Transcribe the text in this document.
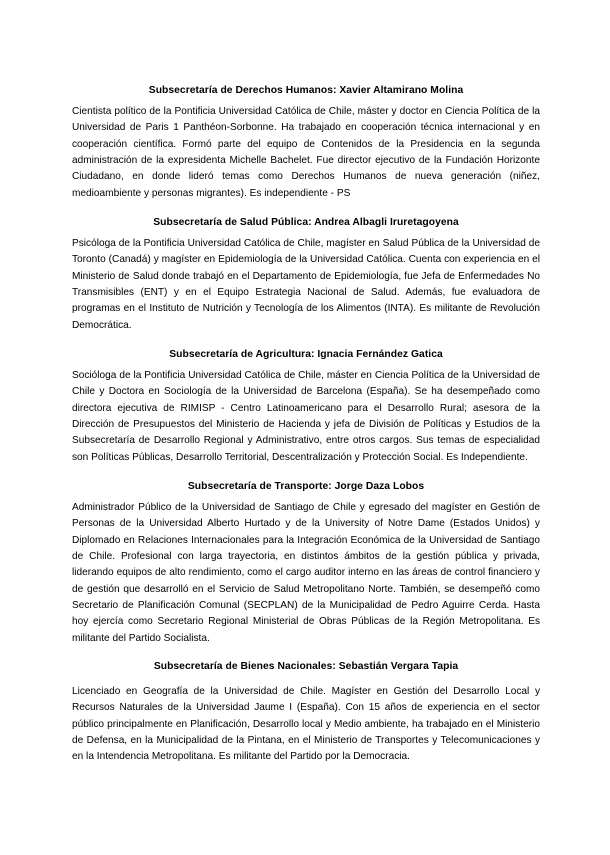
Subsecretaría de Derechos Humanos: Xavier Altamirano Molina

Cientista político de la Pontificia Universidad Católica de Chile, máster y doctor en Ciencia Política de la Universidad de Paris 1 Panthéon-Sorbonne. Ha trabajado en cooperación técnica internacional y en cooperación científica. Formó parte del equipo de Contenidos de la Presidencia en la segunda administración de la expresidenta Michelle Bachelet. Fue director ejecutivo de la Fundación Horizonte Ciudadano, en donde lideró temas como Derechos Humanos de nueva generación (niñez, medioambiente y personas migrantes). Es independiente - PS

Subsecretaría de Salud Pública: Andrea Albagli Iruretagoyena

Psicóloga de la Pontificia Universidad Católica de Chile, magíster en Salud Pública de la Universidad de Toronto (Canadá) y magíster en Epidemiología de la Universidad Católica. Cuenta con experiencia en el Ministerio de Salud donde trabajó en el Departamento de Epidemiología, fue Jefa de Enfermedades No Transmisibles (ENT) y en el Equipo Estrategia Nacional de Salud. Además, fue evaluadora de programas en el Instituto de Nutrición y Tecnología de los Alimentos (INTA). Es militante de Revolución Democrática.

Subsecretaría de Agricultura: Ignacia Fernández Gatica

Socióloga de la Pontificia Universidad Católica de Chile, máster en Ciencia Política de la Universidad de Chile y Doctora en Sociología de la Universidad de Barcelona (España). Se ha desempeñado como directora ejecutiva de RIMISP - Centro Latinoamericano para el Desarrollo Rural; asesora de la Dirección de Presupuestos del Ministerio de Hacienda y jefa de División de Políticas y Estudios de la Subsecretaría de Desarrollo Regional y Administrativo, entre otros cargos. Sus temas de especialidad son Políticas Públicas, Desarrollo Territorial, Descentralización y Protección Social. Es Independiente.

Subsecretaría de Transporte: Jorge Daza Lobos

Administrador Público de la Universidad de Santiago de Chile y egresado del magíster en Gestión de Personas de la Universidad Alberto Hurtado y de la University of Notre Dame (Estados Unidos) y Diplomado en Relaciones Internacionales para la Integración Económica de la Universidad de Santiago de Chile. Profesional con larga trayectoria, en distintos ámbitos de la gestión pública y privada, liderando equipos de alto rendimiento, como el cargo auditor interno en las áreas de control financiero y de gestión que desarrolló en el Servicio de Salud Metropolitano Norte. También, se desempeñó como Secretario de Planificación Comunal (SECPLAN) de la Municipalidad de Pedro Aguirre Cerda. Hasta hoy ejercía como Secretario Regional Ministerial de Obras Públicas de la Región Metropolitana. Es militante del Partido Socialista.

Subsecretaría de Bienes Nacionales: Sebastián Vergara Tapia

Licenciado en Geografía de la Universidad de Chile. Magíster en Gestión del Desarrollo Local y Recursos Naturales de la Universidad Jaume I (España). Con 15 años de experiencia en el sector público principalmente en Planificación, Desarrollo local y Medio ambiente, ha trabajado en el Ministerio de Defensa, en la Municipalidad de la Pintana, en el Ministerio de Transportes y Telecomunicaciones y en la Intendencia Metropolitana. Es militante del Partido por la Democracia.
